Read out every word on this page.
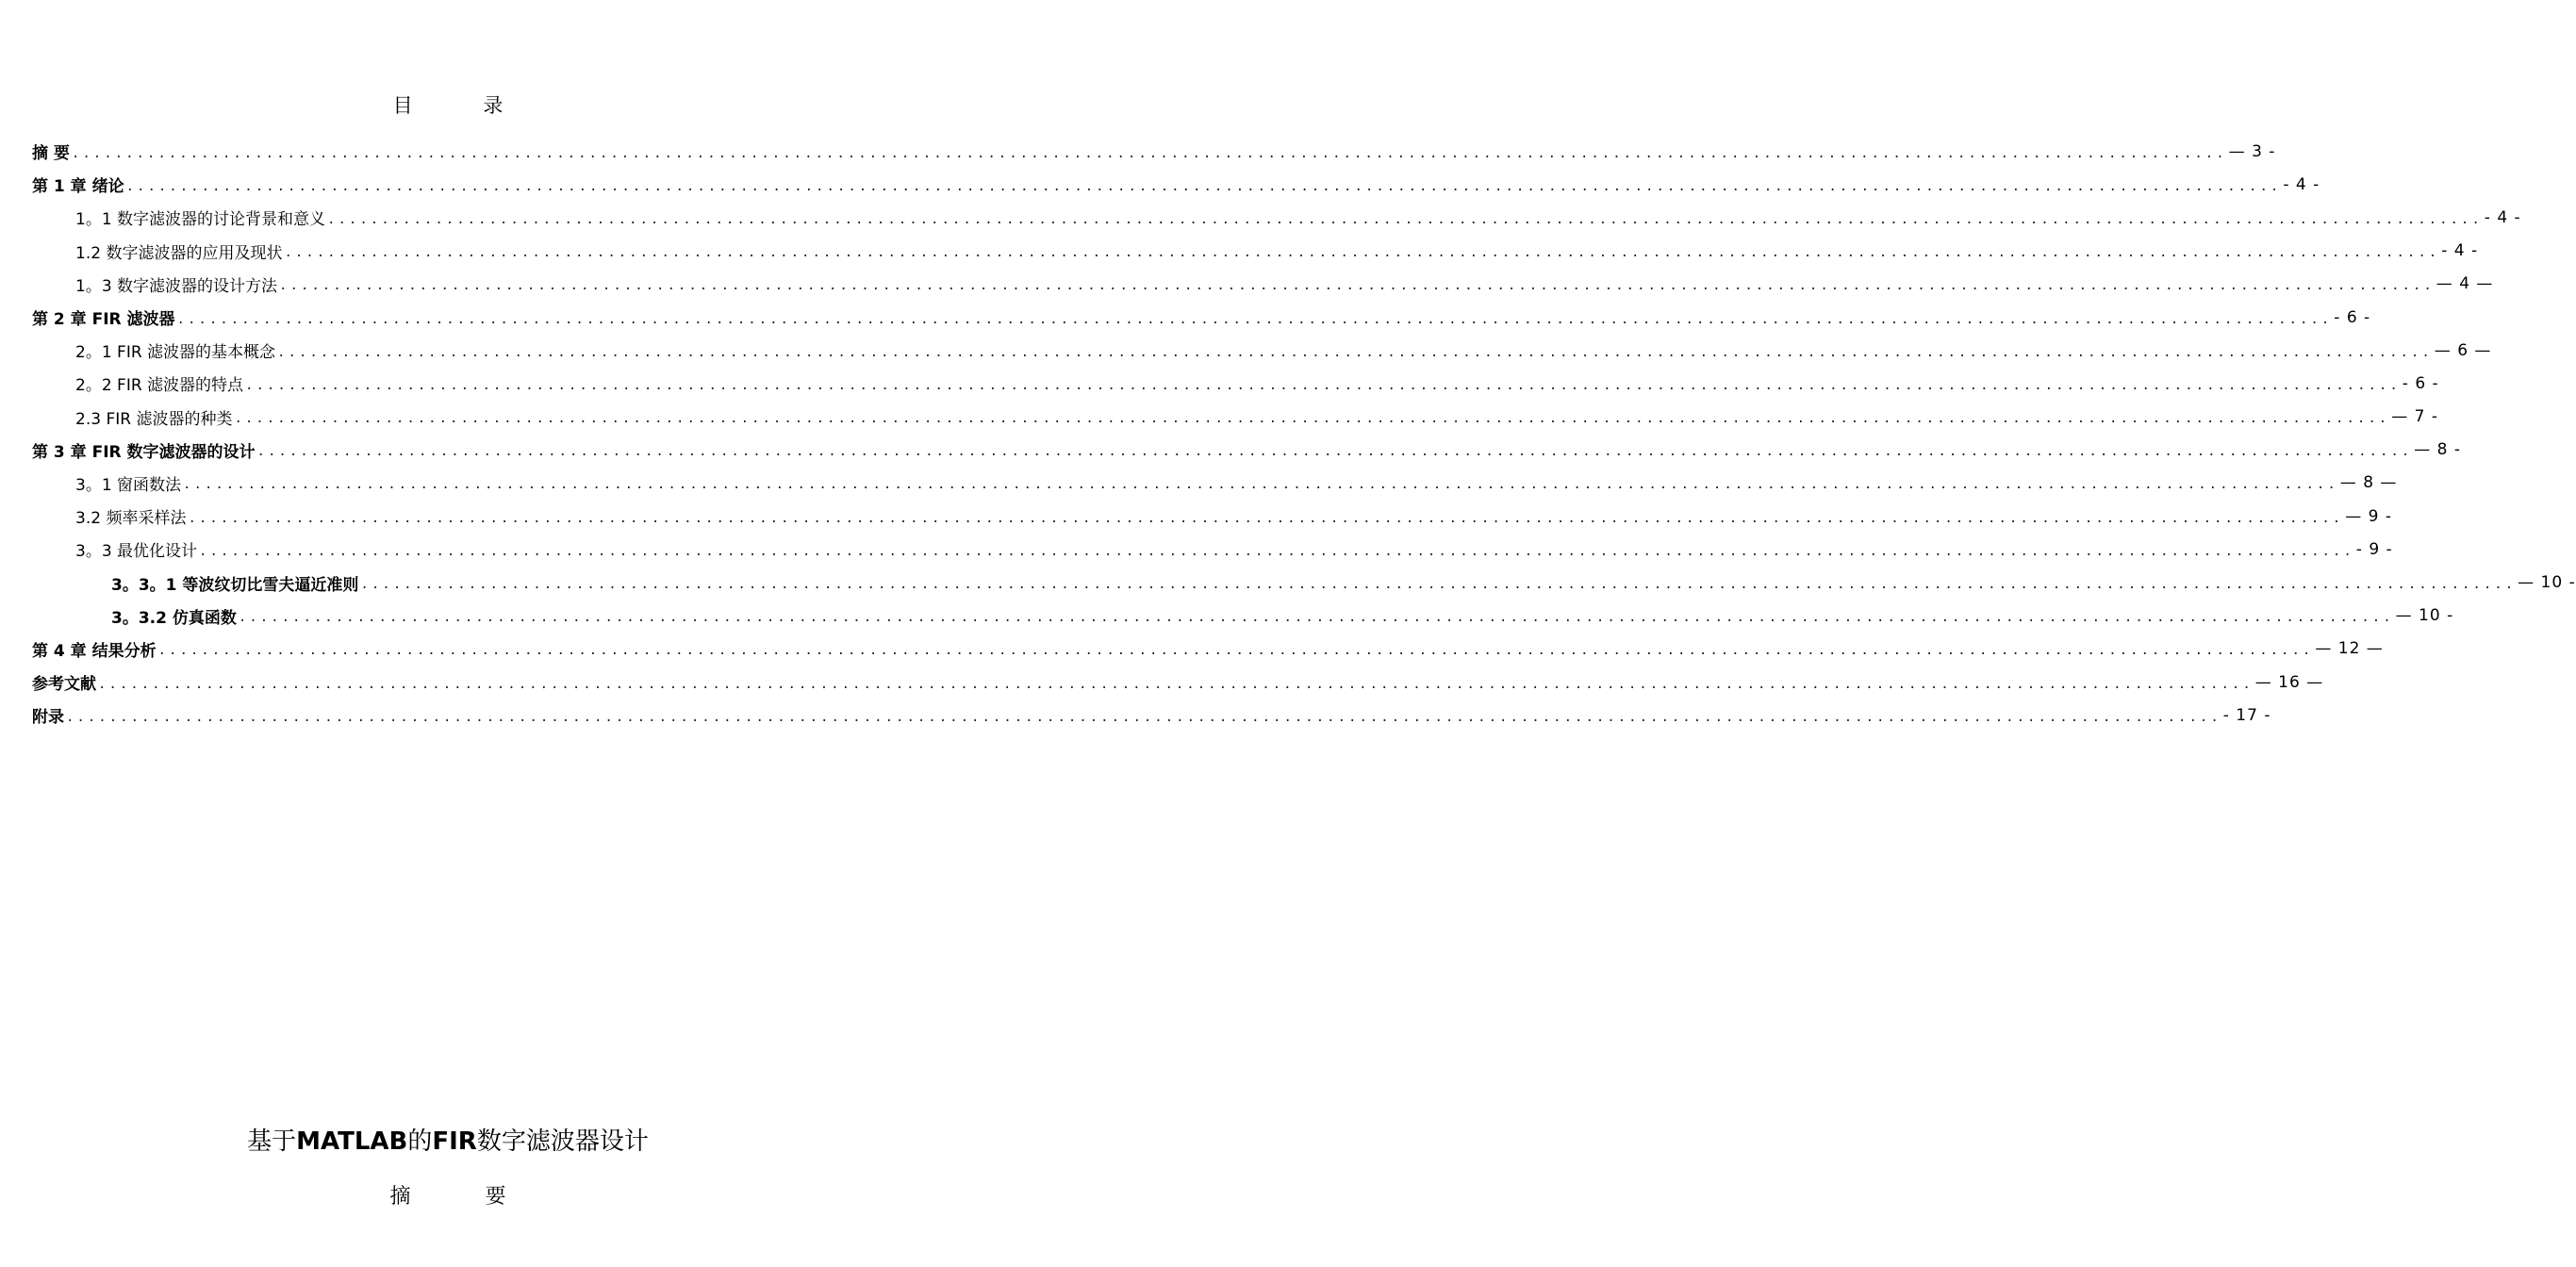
目 录
摘 要 ........................................................................................................................................................................................................ — 3 -
第 1 章 绪论 ........................................................................................................................................................................................................ - 4 -
1。1 数字滤波器的讨论背景和意义 ........................................................................................................................................................................................................ - 4 -
1.2 数字滤波器的应用及现状 ........................................................................................................................................................................................................ - 4 -
1。3 数字滤波器的设计方法 ........................................................................................................................................................................................................ — 4 —
第 2 章 FIR 滤波器 ........................................................................................................................................................................................................ - 6 -
2。1 FIR 滤波器的基本概念 ........................................................................................................................................................................................................ — 6 —
2。2 FIR 滤波器的特点 ........................................................................................................................................................................................................ - 6 -
2.3 FIR 滤波器的种类 ........................................................................................................................................................................................................ — 7 -
第 3 章 FIR 数字滤波器的设计 ........................................................................................................................................................................................................ — 8 -
3。1 窗函数法 ........................................................................................................................................................................................................ — 8 —
3.2 频率采样法 ........................................................................................................................................................................................................ — 9 -
3。3 最优化设计 ........................................................................................................................................................................................................ - 9 -
3。3。1 等波纹切比雪夫逼近准则 ........................................................................................................................................................................................................ — 10 -
3。3.2 仿真函数 ........................................................................................................................................................................................................ — 10 -
第 4 章 结果分析 ........................................................................................................................................................................................................ — 12 —
参考文献 ........................................................................................................................................................................................................ — 16 —
附录 ........................................................................................................................................................................................................ - 17 -
基于MATLAB的FIR数字滤波器设计
摘 要
